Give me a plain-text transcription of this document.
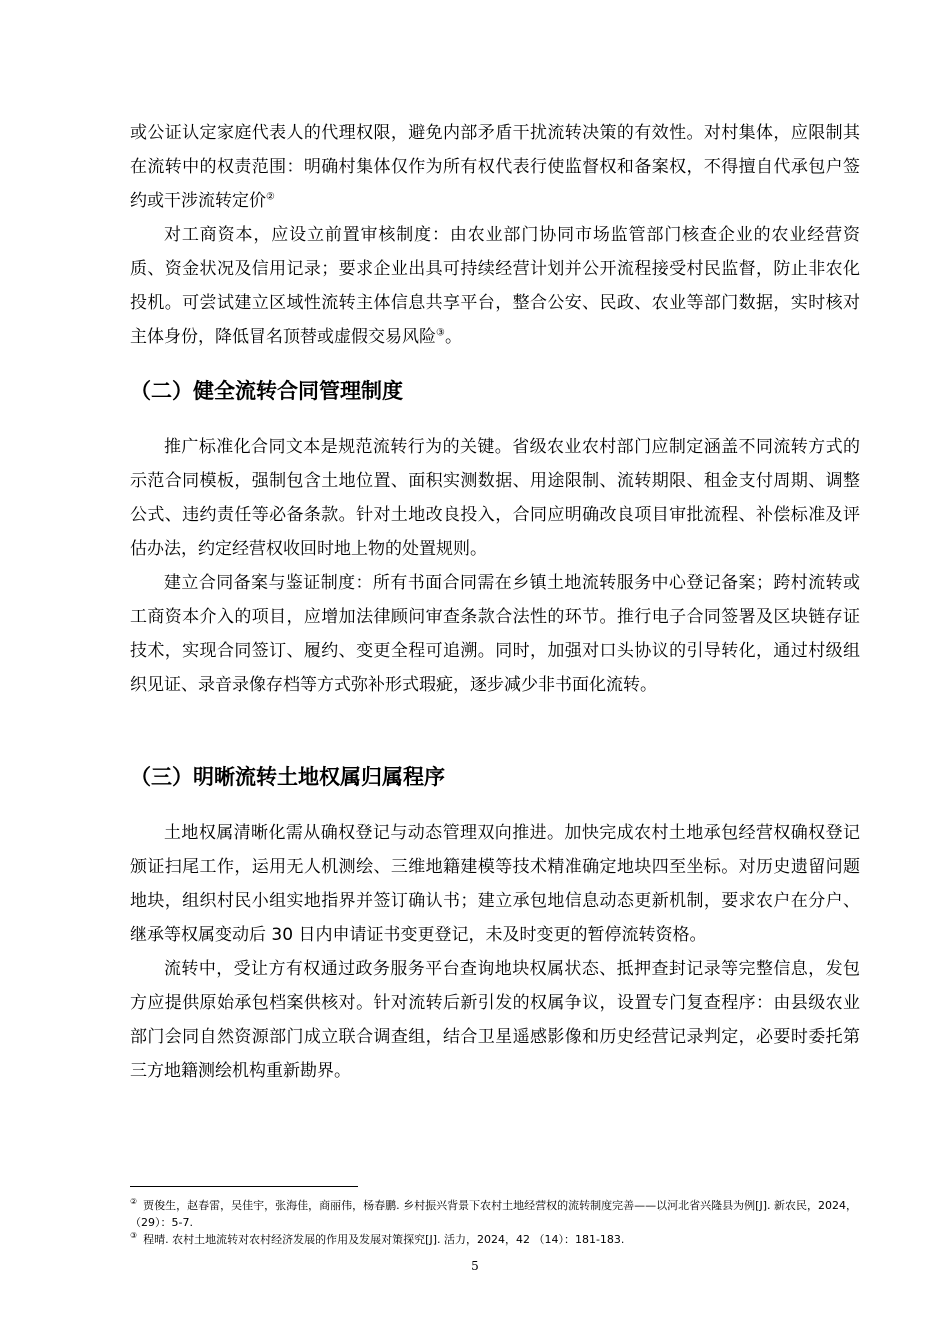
或公证认定家庭代表人的代理权限，避免内部矛盾干扰流转决策的有效性。对村集体，应限制其在流转中的权责范围：明确村集体仅作为所有权代表行使监督权和备案权，不得擅自代承包户签约或干涉流转定价②

对工商资本，应设立前置审核制度：由农业部门协同市场监管部门核查企业的农业经营资质、资金状况及信用记录；要求企业出具可持续经营计划并公开流程接受村民监督，防止非农化投机。可尝试建立区域性流转主体信息共享平台，整合公安、民政、农业等部门数据，实时核对主体身份，降低冒名顶替或虚假交易风险③。

（二）健全流转合同管理制度

推广标准化合同文本是规范流转行为的关键。省级农业农村部门应制定涵盖不同流转方式的示范合同模板，强制包含土地位置、面积实测数据、用途限制、流转期限、租金支付周期、调整公式、违约责任等必备条款。针对土地改良投入，合同应明确改良项目审批流程、补偿标准及评估办法，约定经营权收回时地上物的处置规则。

建立合同备案与鉴证制度：所有书面合同需在乡镇土地流转服务中心登记备案；跨村流转或工商资本介入的项目，应增加法律顾问审查条款合法性的环节。推行电子合同签署及区块链存证技术，实现合同签订、履约、变更全程可追溯。同时，加强对口头协议的引导转化，通过村级组织见证、录音录像存档等方式弥补形式瑕疵，逐步减少非书面化流转。

（三）明晰流转土地权属归属程序

土地权属清晰化需从确权登记与动态管理双向推进。加快完成农村土地承包经营权确权登记颁证扫尾工作，运用无人机测绘、三维地籍建模等技术精准确定地块四至坐标。对历史遗留问题地块，组织村民小组实地指界并签订确认书；建立承包地信息动态更新机制，要求农户在分户、继承等权属变动后 30 日内申请证书变更登记，未及时变更的暂停流转资格。

流转中，受让方有权通过政务服务平台查询地块权属状态、抵押查封记录等完整信息，发包方应提供原始承包档案供核对。针对流转后新引发的权属争议，设置专门复查程序：由县级农业部门会同自然资源部门成立联合调查组，结合卫星遥感影像和历史经营记录判定，必要时委托第三方地籍测绘机构重新勘界。

② 贾俊生，赵春雷，吴佳宇，张海佳，商丽伟，杨春鹏. 乡村振兴背景下农村土地经营权的流转制度完善——以河北省兴隆县为例[J]. 新农民，2024，（29）：5-7.

③ 程晴. 农村土地流转对农村经济发展的作用及发展对策探究[J]. 活力，2024，42 （14）：181-183.

5
